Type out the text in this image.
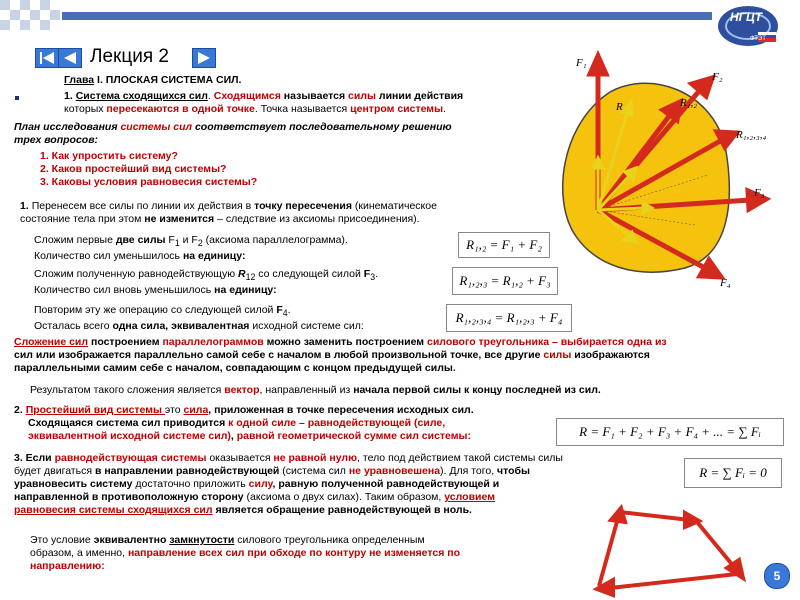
НГЦТ
ФТЭТ
Лекция 2
Глава I. ПЛОСКАЯ СИСТЕМА СИЛ.
1. Система сходящихся сил. Сходящимся называется силы линии действия
которых пересекаются в одной точке. Точка называется центром системы.
План исследования системы сил соответствует последовательному решению
трех вопросов:
1. Как упростить систему?
2. Каков простейший вид системы?
3. Каковы условия равновесия системы?
1. Перенесем все силы по линии их действия в точку пересечения (кинематическое
состояние тела при этом не изменится – следствие из аксиомы присоединения).
Сложим первые две силы $F_1$ и $F_2$ (аксиома параллелограмма).
Количество сил уменьшилось на единицу:
Сложим полученную равнодействующую $R_{12}$ со следующей силой $F_3$.
Количество сил вновь уменьшилось на единицу:
Повторим эту же операцию со следующей силой $F_4$.
Осталась всего одна сила, эквивалентная исходной системе сил:
R₁,₂ = F₁ + F₂
R₁,₂,₃ = R₁,₂ + F₃
R₁,₂,₃,₄ = R₁,₂,₃ + F₄
Сложение сил построением параллелограммов можно заменить построением силового треугольника – выбирается одна из
сил или изображается параллельно самой себе с началом в любой произвольной точке, все другие силы изображаются
параллельными самим себе с началом, совпадающим с концом предыдущей силы.
Результатом такого сложения является вектор, направленный из начала первой силы к концу последней из сил.
2. Простейший вид системы это сила, приложенная в точке пересечения исходных сил.
Сходящаяся система сил приводится к одной силе – равнодействующей (силе,
эквивалентной исходной системе сил), равной геометрической сумме сил системы:	R = F₁ + F₂ + F₃ + F₄ + ... = ∑ Fᵢ
3. Если равнодействующая системы оказывается не равной нулю, тело под действием такой системы силы
будет двигаться в направлении равнодействующей (система сил не уравновешена). Для того, чтобы
уравновесить систему достаточно приложить силу, равную полученной равнодействующей и
направленной в противоположную сторону (аксиома о двух силах). Таким образом, условием
равновесия системы сходящихся сил является обращение равнодействующей в ноль.
R = ∑ Fᵢ = 0
Это условие эквивалентно замкнутости силового треугольника определенным
образом, а именно, направление всех сил при обходе по контуру не изменяется по
направлению:
F₁
F₂
F₃
F₄
R	R₁,₂
R₁,₂,₃,₄
5
